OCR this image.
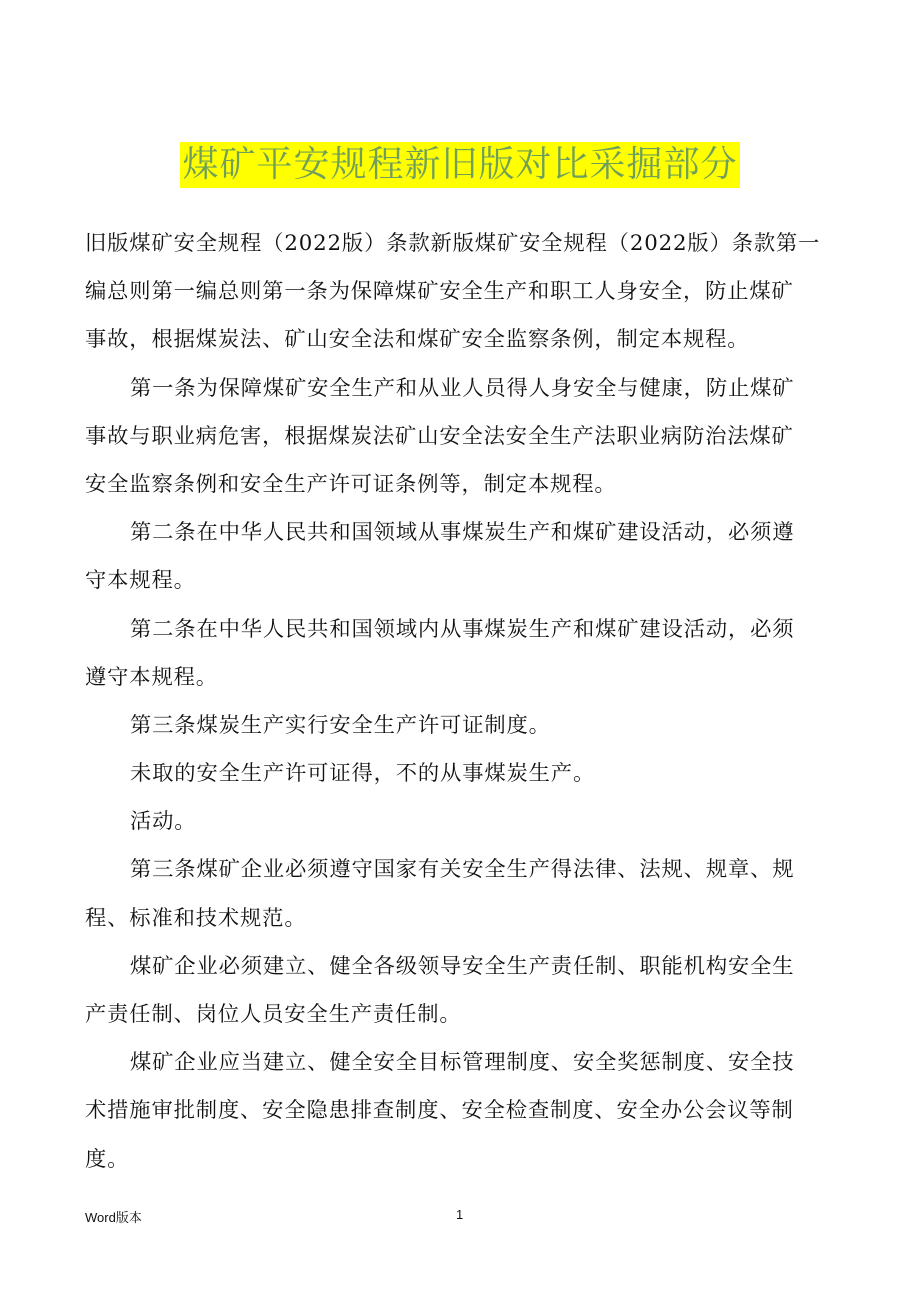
煤矿平安规程新旧版对比采掘部分
旧版煤矿安全规程（2022版）条款新版煤矿安全规程（2022版）条款第一
编总则第一编总则第一条为保障煤矿安全生产和职工人身安全，防止煤矿
事故，根据煤炭法、矿山安全法和煤矿安全监察条例，制定本规程。
第一条为保障煤矿安全生产和从业人员得人身安全与健康，防止煤矿
事故与职业病危害，根据煤炭法矿山安全法安全生产法职业病防治法煤矿
安全监察条例和安全生产许可证条例等，制定本规程。
第二条在中华人民共和国领域从事煤炭生产和煤矿建设活动，必须遵
守本规程。
第二条在中华人民共和国领域内从事煤炭生产和煤矿建设活动，必须
遵守本规程。
第三条煤炭生产实行安全生产许可证制度。
未取的安全生产许可证得，不的从事煤炭生产。
活动。
第三条煤矿企业必须遵守国家有关安全生产得法律、法规、规章、规
程、标准和技术规范。
煤矿企业必须建立、健全各级领导安全生产责任制、职能机构安全生
产责任制、岗位人员安全生产责任制。
煤矿企业应当建立、健全安全目标管理制度、安全奖惩制度、安全技
术措施审批制度、安全隐患排查制度、安全检查制度、安全办公会议等制
度。
Word版本	1
